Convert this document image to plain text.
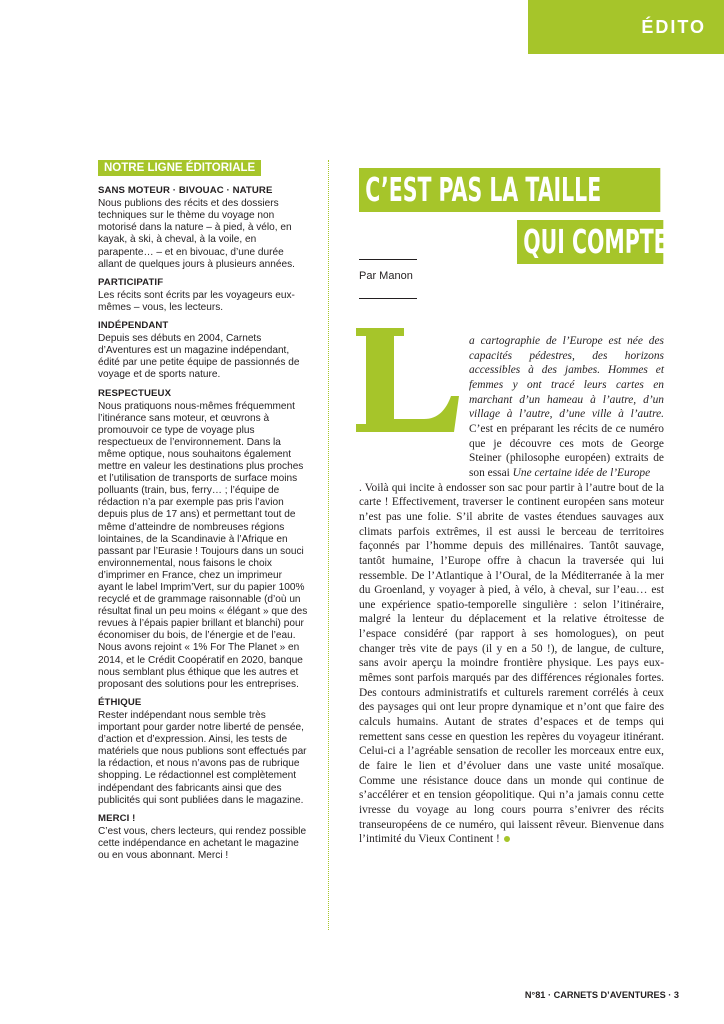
ÉDITO
NOTRE LIGNE ÉDITORIALE
SANS MOTEUR · BIVOUAC · NATURE
Nous publions des récits et des dossiers techniques sur le thème du voyage non motorisé dans la nature – à pied, à vélo, en kayak, à ski, à cheval, à la voile, en parapente… – et en bivouac, d’une durée allant de quelques jours à plusieurs années.
PARTICIPATIF
Les récits sont écrits par les voyageurs eux-mêmes – vous, les lecteurs.
INDÉPENDANT
Depuis ses débuts en 2004, Carnets d’Aventures est un magazine indépendant, édité par une petite équipe de passionnés de voyage et de sports nature.
RESPECTUEUX
Nous pratiquons nous-mêmes fréquemment l’itinérance sans moteur, et œuvrons à promouvoir ce type de voyage plus respectueux de l’environnement. Dans la même optique, nous souhaitons également mettre en valeur les destinations plus proches et l’utilisation de transports de surface moins polluants (train, bus, ferry… ; l’équipe de rédaction n’a par exemple pas pris l’avion depuis plus de 17 ans) et permettant tout de même d’atteindre de nombreuses régions lointaines, de la Scandinavie à l’Afrique en passant par l’Eurasie ! Toujours dans un souci environnemental, nous faisons le choix d’imprimer en France, chez un imprimeur ayant le label Imprim’Vert, sur du papier 100% recyclé et de grammage raisonnable (d’où un résultat final un peu moins « élégant » que des revues à l’épais papier brillant et blanchi) pour économiser du bois, de l’énergie et de l’eau. Nous avons rejoint « 1% For The Planet » en 2014, et le Crédit Coopératif en 2020, banque nous semblant plus éthique que les autres et proposant des solutions pour les entreprises.
ÉTHIQUE
Rester indépendant nous semble très important pour garder notre liberté de pensée, d’action et d’expression. Ainsi, les tests de matériels que nous publions sont effectués par la rédaction, et nous n’avons pas de rubrique shopping. Le rédactionnel est complètement indépendant des fabricants ainsi que des publicités qui sont publiées dans le magazine.
MERCI !
C’est vous, chers lecteurs, qui rendez possible cette indépendance en achetant le magazine ou en vous abonnant. Merci !
C’EST PAS LA TAILLE
QUI COMPTE
Par Manon
L
a cartographie de l’Europe est née des capacités pédestres, des horizons accessibles à des jambes. Hommes et femmes y ont tracé leurs cartes en marchant d’un hameau à l’autre, d’un village à l’autre, d’une ville à l’autre. C’est en préparant les récits de ce numéro que je découvre ces mots de George Steiner (philosophe européen) extraits de son essai Une certaine idée de l’Europe
. Voilà qui incite à endosser son sac pour partir à l’autre bout de la carte ! Effectivement, traverser le continent européen sans moteur n’est pas une folie. S’il abrite de vastes étendues sauvages aux climats parfois extrêmes, il est aussi le berceau de territoires façonnés par l’homme depuis des millénaires. Tantôt sauvage, tantôt humaine, l’Europe offre à chacun la traversée qui lui ressemble. De l’Atlantique à l’Oural, de la Méditerranée à la mer du Groenland, y voyager à pied, à vélo, à cheval, sur l’eau… est une expérience spatio-temporelle singulière : selon l’itinéraire, malgré la lenteur du déplacement et la relative étroitesse de l’espace considéré (par rapport à ses homologues), on peut changer très vite de pays (il y en a 50 !), de langue, de culture, sans avoir aperçu la moindre frontière physique. Les pays eux-mêmes sont parfois marqués par des différences régionales fortes. Des contours administratifs et culturels rarement corrélés à ceux des paysages qui ont leur propre dynamique et n’ont que faire des calculs humains. Autant de strates d’espaces et de temps qui remettent sans cesse en question les repères du voyageur itinérant. Celui-ci a l’agréable sensation de recoller les morceaux entre eux, de faire le lien et d’évoluer dans une vaste unité mosaïque. Comme une résistance douce dans un monde qui continue de s’accélérer et en tension géopolitique. Qui n’a jamais connu cette ivresse du voyage au long cours pourra s’enivrer des récits transeuropéens de ce numéro, qui laissent rêveur. Bienvenue dans l’intimité du Vieux Continent !
N°81 · CARNETS D’AVENTURES · 3
